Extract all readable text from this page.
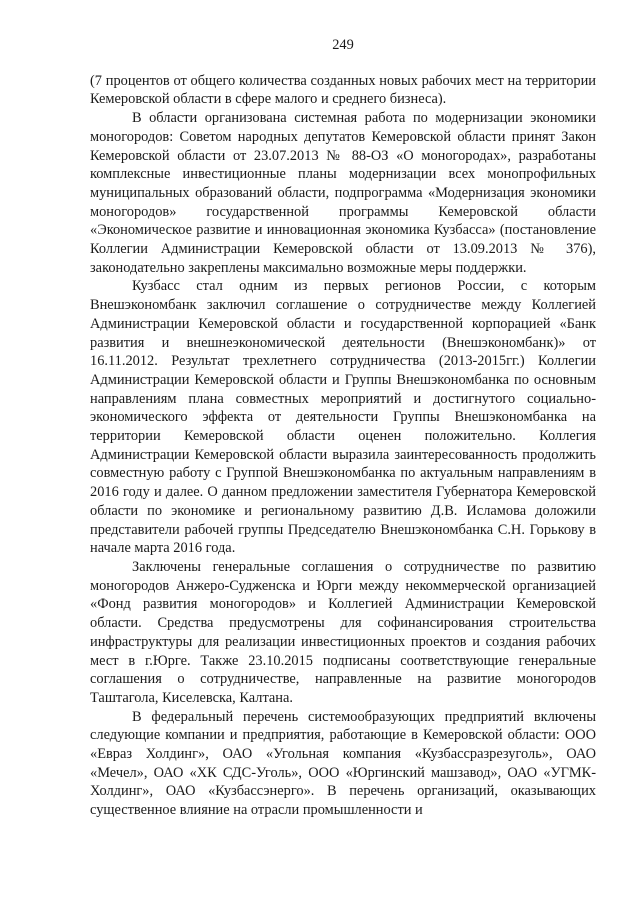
249

(7 процентов от общего количества созданных новых рабочих мест на территории Кемеровской области в сфере малого и среднего бизнеса).

В области организована системная работа по модернизации экономики моногородов: Советом народных депутатов Кемеровской области принят Закон Кемеровской области от 23.07.2013 № 88-ОЗ «О моногородах», разработаны комплексные инвестиционные планы модернизации всех монопрофильных муниципальных образований области, подпрограмма «Модернизация экономики моногородов» государственной программы Кемеровской области «Экономическое развитие и инновационная экономика Кузбасса» (постановление Коллегии Администрации Кемеровской области от 13.09.2013 № 376), законодательно закреплены максимально возможные меры поддержки.

Кузбасс стал одним из первых регионов России, с которым Внешэкономбанк заключил соглашение о сотрудничестве между Коллегией Администрации Кемеровской области и государственной корпорацией «Банк развития и внешнеэкономической деятельности (Внешэкономбанк)» от 16.11.2012. Результат трехлетнего сотрудничества (2013-2015гг.) Коллегии Администрации Кемеровской области и Группы Внешэкономбанка по основным направлениям плана совместных мероприятий и достигнутого социально-экономического эффекта от деятельности Группы Внешэкономбанка на территории Кемеровской области оценен положительно. Коллегия Администрации Кемеровской области выразила заинтересованность продолжить совместную работу с Группой Внешэкономбанка по актуальным направлениям в 2016 году и далее. О данном предложении заместителя Губернатора Кемеровской области по экономике и региональному развитию Д.В. Исламова доложили представители рабочей группы Председателю Внешэкономбанка С.Н. Горькову в начале марта 2016 года.

Заключены генеральные соглашения о сотрудничестве по развитию моногородов Анжеро-Судженска и Юрги между некоммерческой организацией «Фонд развития моногородов» и Коллегией Администрации Кемеровской области. Средства предусмотрены для софинансирования строительства инфраструктуры для реализации инвестиционных проектов и создания рабочих мест в г.Юрге. Также 23.10.2015 подписаны соответствующие генеральные соглашения о сотрудничестве, направленные на развитие моногородов Таштагола, Киселевска, Калтана.

В федеральный перечень системообразующих предприятий включены следующие компании и предприятия, работающие в Кемеровской области: ООО «Евраз Холдинг», ОАО «Угольная компания «Кузбассразрезуголь», ОАО «Мечел», ОАО «ХК СДС-Уголь», ООО «Юргинский машзавод», ОАО «УГМК-Холдинг», ОАО «Кузбассэнерго». В перечень организаций, оказывающих существенное влияние на отрасли промышленности и
